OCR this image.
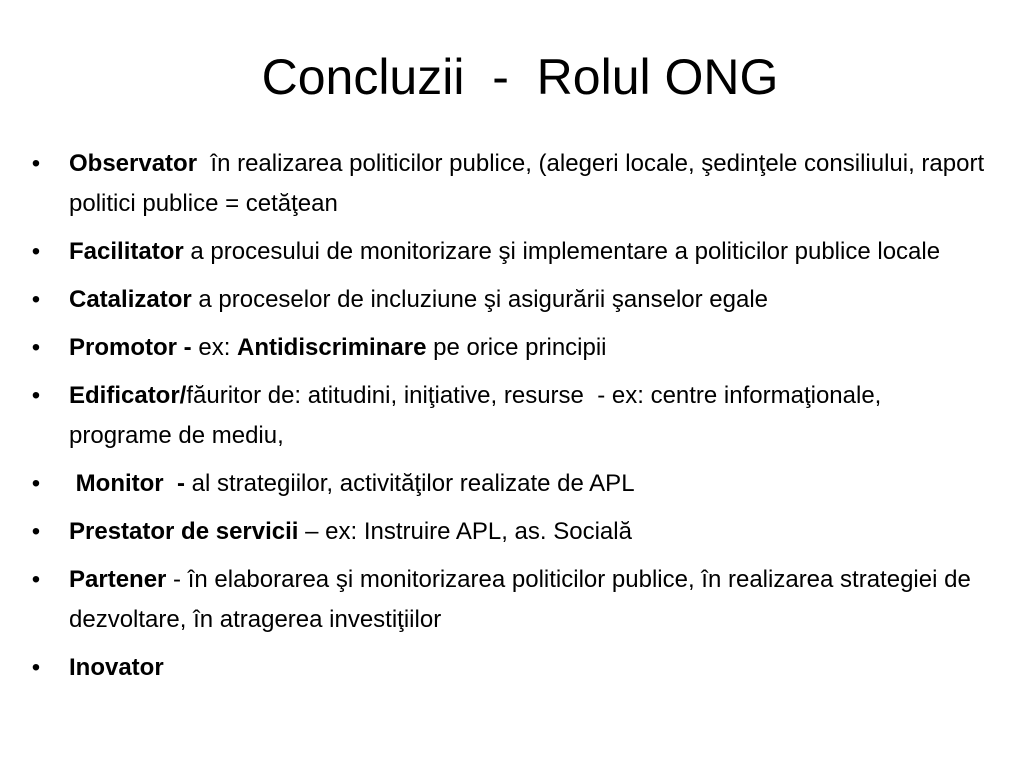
Concluzii  -  Rolul ONG
• Observator  în realizarea politicilor publice, (alegeri locale, şedinţele consiliului, raport politici publice = cetăţean
• Facilitator a procesului de monitorizare şi implementare a politicilor publice locale
• Catalizator a proceselor de incluziune şi asigurării şanselor egale
• Promotor - ex: Antidiscriminare pe orice principii
• Edificator/făuritor de: atitudini, iniţiative, resurse  - ex: centre informaţionale, programe de mediu,
• Monitor  - al strategiilor, activităţilor realizate de APL
• Prestator de servicii – ex: Instruire APL, as. Socială
• Partener - în elaborarea şi monitorizarea politicilor publice, în realizarea strategiei de dezvoltare, în atragerea investiţiilor
• Inovator
